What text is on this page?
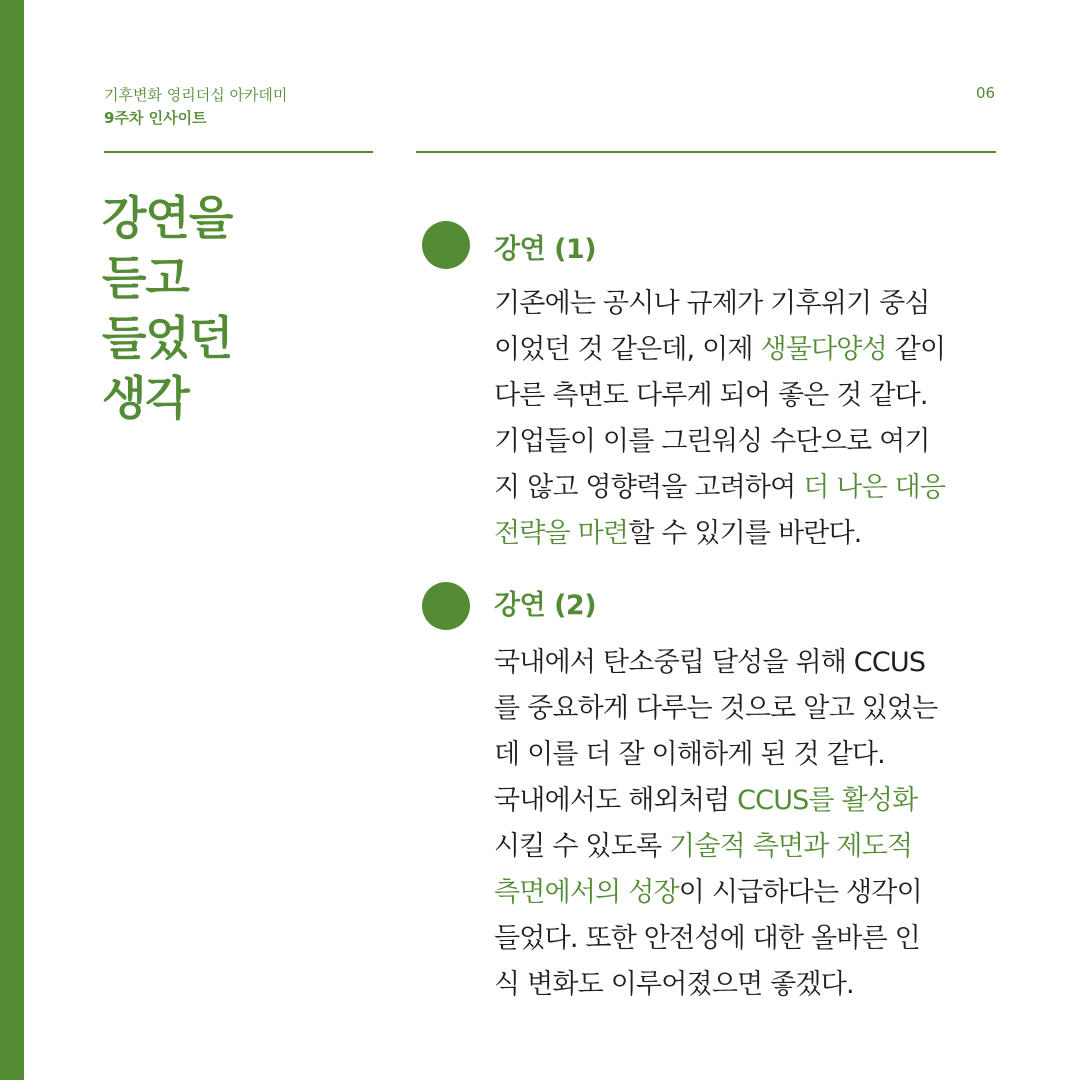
기후변화 영리더십 아카데미
9주차 인사이트
06
강연을
듣고
들었던
생각
강연 (1)
기존에는 공시나 규제가 기후위기 중심
이었던 것 같은데, 이제 생물다양성 같이
다른 측면도 다루게 되어 좋은 것 같다.
기업들이 이를 그린워싱 수단으로 여기
지 않고 영향력을 고려하여 더 나은 대응
전략을 마련할 수 있기를 바란다.
강연 (2)
국내에서 탄소중립 달성을 위해 CCUS
를 중요하게 다루는 것으로 알고 있었는
데 이를 더 잘 이해하게 된 것 같다.
국내에서도 해외처럼 CCUS를 활성화
시킬 수 있도록 기술적 측면과 제도적
측면에서의 성장이 시급하다는 생각이
들었다. 또한 안전성에 대한 올바른 인
식 변화도 이루어졌으면 좋겠다.
